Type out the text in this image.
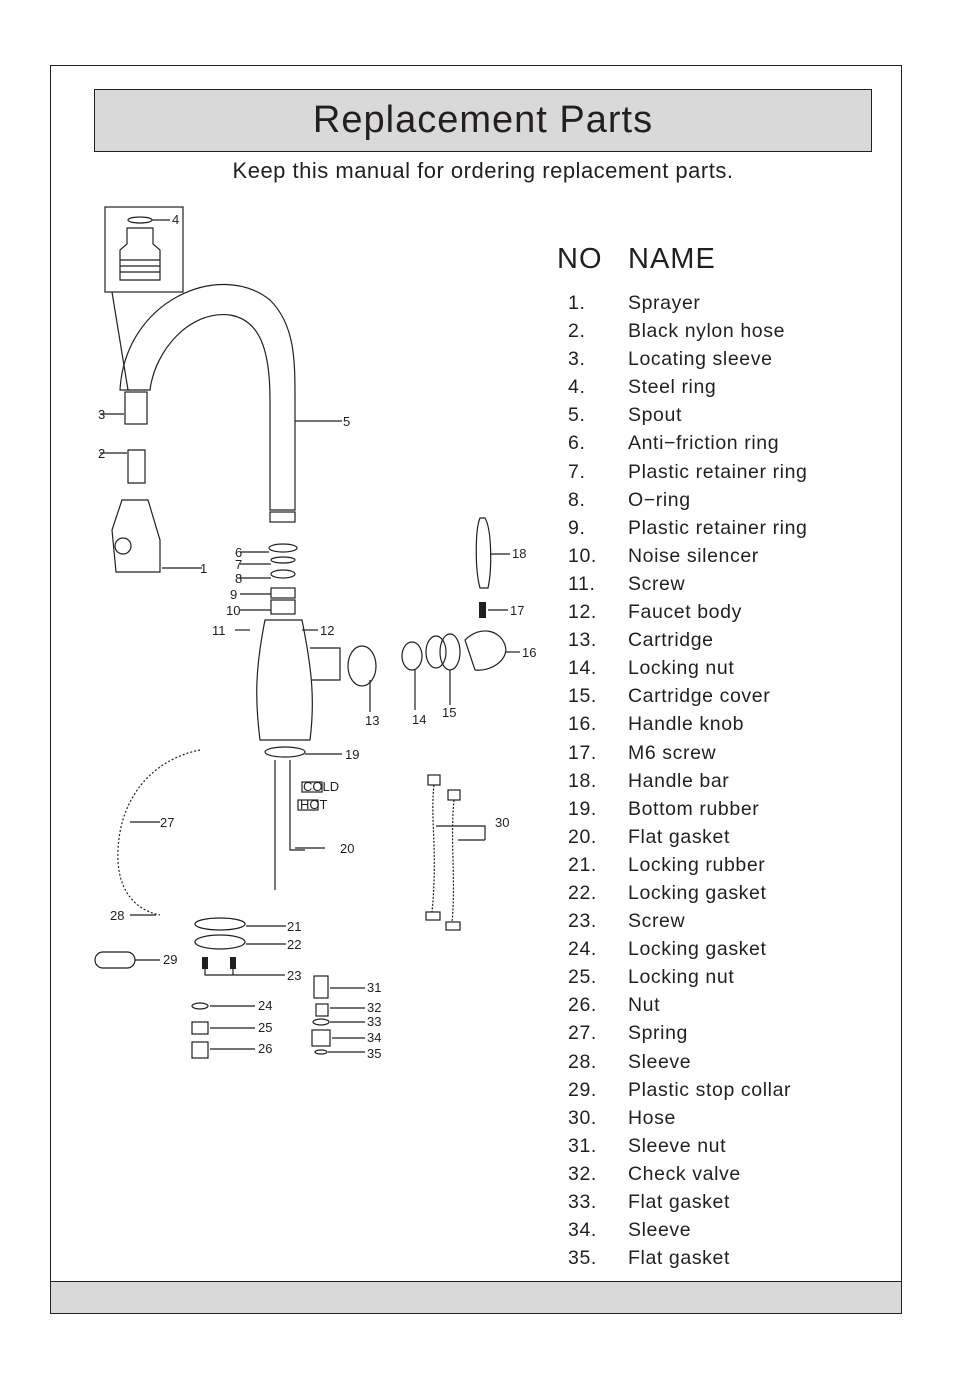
Replacement Parts
Keep this manual for ordering replacement parts.
NO NAME
1.	Sprayer
2.	Black nylon hose
3.	Locating sleeve
4.	Steel ring
5.	Spout
6.	Anti−friction ring
7.	Plastic retainer ring
8.	O−ring
9.	Plastic retainer ring
10.	Noise silencer
11.	Screw
12.	Faucet body
13.	Cartridge
14.	Locking nut
15.	Cartridge cover
16.	Handle knob
17.	M6 screw
18.	Handle bar
19.	Bottom rubber
20.	Flat gasket
21.	Locking rubber
22.	Locking gasket
23.	Screw
24.	Locking gasket
25.	Locking nut
26.	Nut
27.	Spring
28.	Sleeve
29.	Plastic stop collar
30.	Hose
31.	Sleeve nut
32.	Check valve
33.	Flat gasket
34.	Sleeve
35.	Flat gasket
COLD
HOT
1
2
3
4
5
6
7
8
9
10
11	12
13	14 15
16
17
18
19
20
21
22
23
24
25
26
27
28
29
30
31
32
33
34
35
